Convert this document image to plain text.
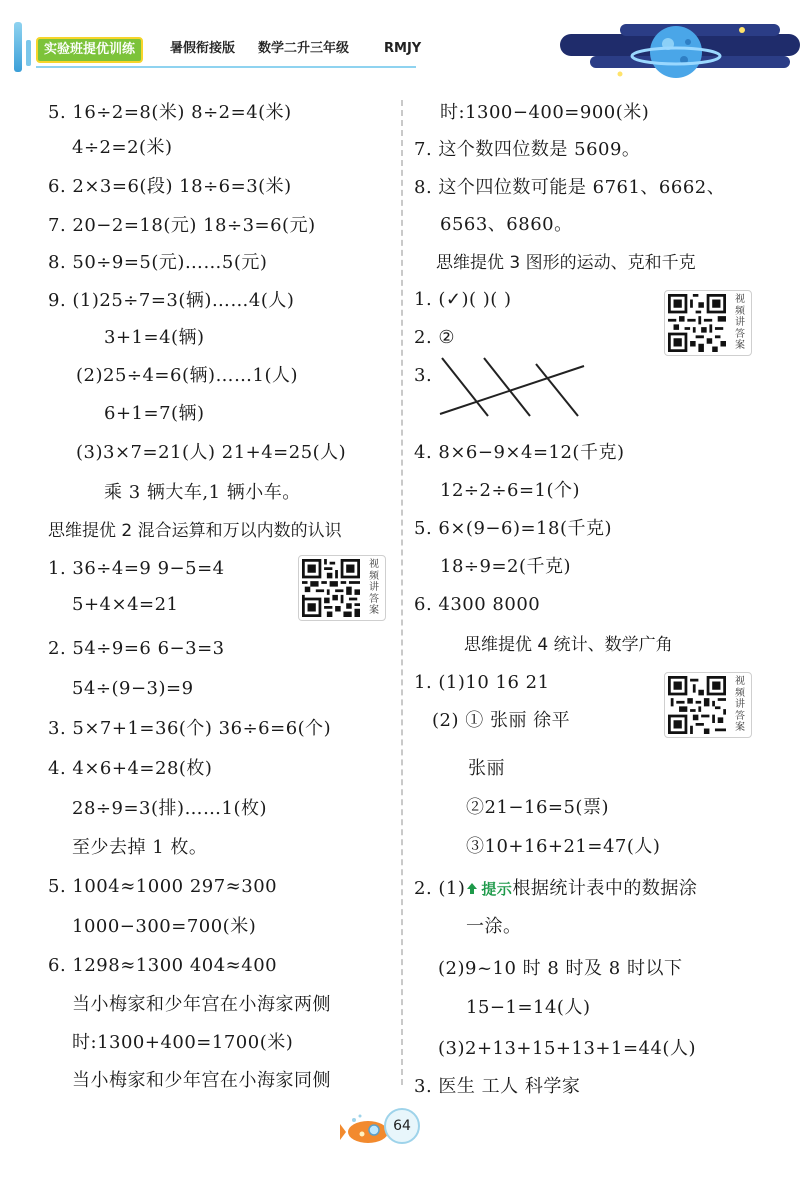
实验班提优训练	暑假衔接版 数学二升三年级	RMJY
5. 16÷2=8(米) 8÷2=4(米)
4÷2=2(米)
6. 2×3=6(段) 18÷6=3(米)
7. 20−2=18(元) 18÷3=6(元)
8. 50÷9=5(元)……5(元)
9. (1)25÷7=3(辆)……4(人)
3+1=4(辆)
(2)25÷4=6(辆)……1(人)
6+1=7(辆)
(3)3×7=21(人) 21+4=25(人)
乘 3 辆大车,1 辆小车。
思维提优 2 混合运算和万以内数的认识
1. 36÷4=9 9−5=4
5+4×4=21
视频讲答案
2. 54÷9=6 6−3=3
54÷(9−3)=9
3. 5×7+1=36(个) 36÷6=6(个)
4. 4×6+4=28(枚)
28÷9=3(排)……1(枚)
至少去掉 1 枚。
5. 1004≈1000 297≈300
1000−300=700(米)
6. 1298≈1300 404≈400
当小梅家和少年宫在小海家两侧
时:1300+400=1700(米)
当小梅家和少年宫在小海家同侧
时:1300−400=900(米)
7. 这个数四位数是 5609。
8. 这个四位数可能是 6761、6662、
6563、6860。
思维提优 3 图形的运动、克和千克
1. (✓)( )( )	视频讲答案
2. ②
3.
4. 8×6−9×4=12(千克)
12÷2÷6=1(个)
5. 6×(9−6)=18(千克)
18÷9=2(千克)
6. 4300 8000
思维提优 4 统计、数学广角
1. (1)10 16 21	视频讲答案
(2) ① 张丽 徐平
张丽
②21−16=5(票)
③10+16+21=47(人)
2. (1) 提示根据统计表中的数据涂
一涂。
(2)9~10 时 8 时及 8 时以下
15−1=14(人)
(3)2+13+15+13+1=44(人)
3. 医生 工人 科学家
64
